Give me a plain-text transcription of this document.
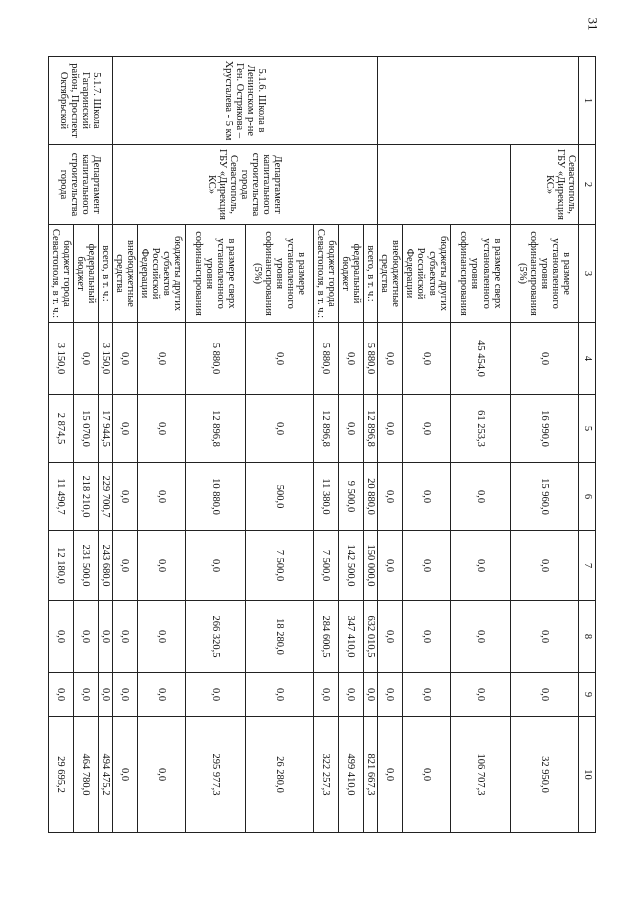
31
1	2	3	4	5	6	7	8	9	10
	Севастополь, ГБУ «Дирекция КС»	в размере установленного уровня софинансирования (5%)	0,0	16 990,0	15 960,0	0,0	0,0	0,0	32 950,0
		в размере сверх установленного уровня софинансирования	45 454,0	61 253,3	0,0	0,0	0,0	0,0	106 707,3
		бюджеты других субъектов Российской Федерации	0,0	0,0	0,0	0,0	0,0	0,0	0,0
		внебюджетные средства	0,0	0,0	0,0	0,0	0,0	0,0	0,0
5.1.6. Школа в Ленинском р-не Ген. Острякова – Хрусталева - 5 км	Департамент капитального строительства города Севастополь, ГБУ «Дирекция КС»	всего, в т. ч.:	5 880,0	12 896,8	20 880,0	150 000,0	632 010,5	0,0	821 667,3
		федеральный бюджет	0,0	0,0	9 500,0	142 500,0	347 410,0	0,0	499 410,0
		бюджет города Севастополя, в т. ч.:	5 880,0	12 896,8	11 380,0	7 500,0	284 600,5	0,0	322 257,3
		в размере установленного уровня софинансирования (5%)	0,0	0,0	500,0	7 500,0	18 280,0	0,0	26 280,0
		в размере сверх установленного уровня софинансирования	5 880,0	12 896,8	10 880,0	0,0	266 320,5	0,0	295 977,3
		бюджеты других субъектов Российской Федерации	0,0	0,0	0,0	0,0	0,0	0,0	0,0
		внебюджетные средства	0,0	0,0	0,0	0,0	0,0	0,0	0,0
5.1.7. Школа Гагаринский район, Проспект Октябрьской	Департамент капитального строительства города	всего, в т. ч.:	3 150,0	17 944,5	229 700,7	243 680,0	0,0	0,0	494 475,2
		федеральный бюджет	0,0	15 070,0	218 210,0	231 500,0	0,0	0,0	464 780,0
		бюджет города Севастополя, в т. ч.:	3 150,0	2 874,5	11 490,7	12 180,0	0,0	0,0	29 695,2
